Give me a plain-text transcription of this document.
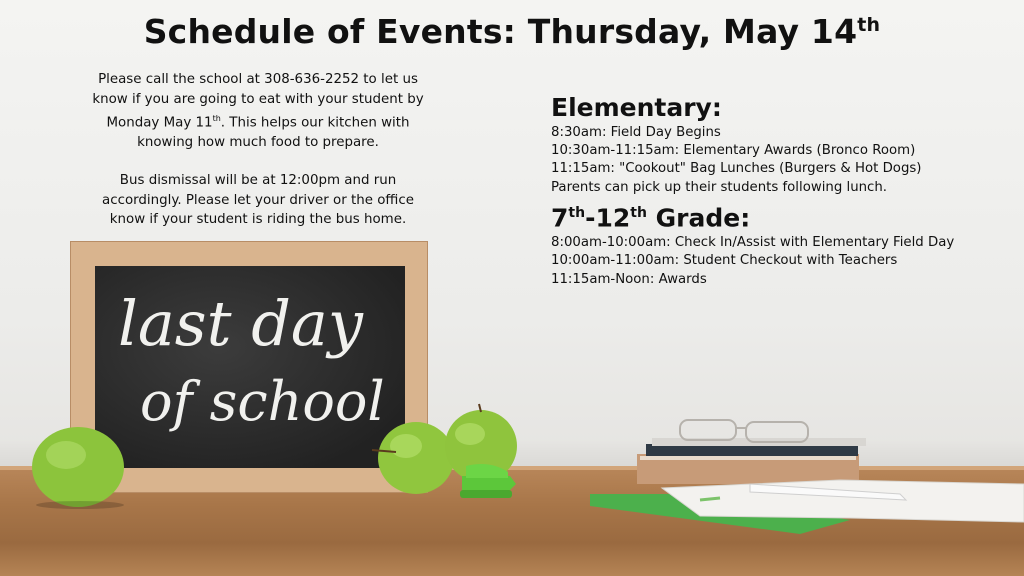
Schedule of Events: Thursday, May 14th

Please call the school at 308-636-2252 to let us know if you are going to eat with your student by Monday May 11th. This helps our kitchen with knowing how much food to prepare.

Bus dismissal will be at 12:00pm and run accordingly. Please let your driver or the office know if your student is riding the bus home.

Elementary:
8:30am: Field Day Begins
10:30am-11:15am: Elementary Awards (Bronco Room)
11:15am: "Cookout" Bag Lunches (Burgers & Hot Dogs)
Parents can pick up their students following lunch.
7th-12th Grade:
8:00am-10:00am: Check In/Assist with Elementary Field Day
10:00am-11:00am: Student Checkout with Teachers
11:15am-Noon: Awards
last day
of school
